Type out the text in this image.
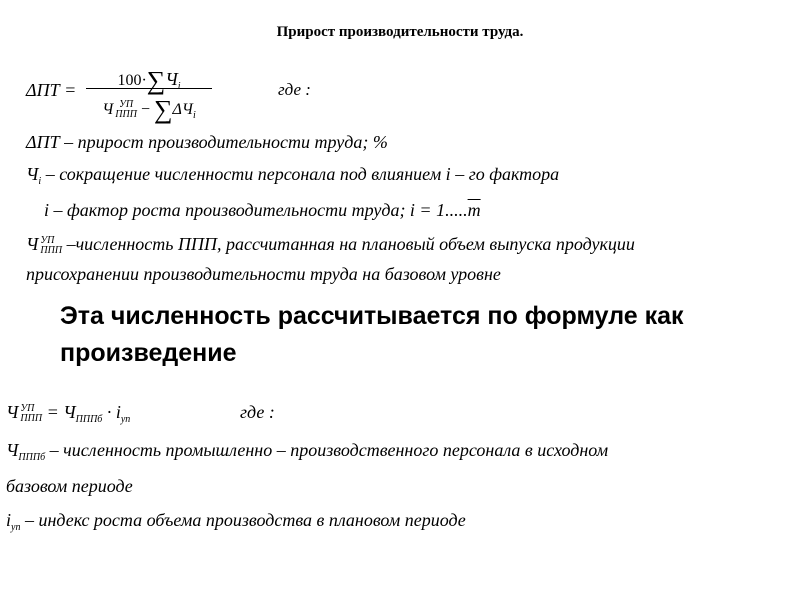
Прирост производительности труда.
ΔПТ =	$100\cdot\sum Ч_i$
Ч УП
ППП − $\sum\Delta Ч_i$
где :
ΔПТ – прирост производительности труда; %
$Ч_i$ – сокращение численности персонала под влиянием i – го фактора
i – фактор роста производительности труда; $i = 1.....\overline{m}$
Ч УП
ППП –численность ППП, рассчитанная на плановый объем выпуска продукции
присохранении производительности труда на базовом уровне
Эта численность рассчитывается по формуле как произведение
Ч УП
ППП = $Ч_{ПППб} \cdot i_{уп}$	где :
$Ч_{ПППб}$ – численность промышленно – производственного персонала в исходном
базовом периоде
$i_{уп}$ – индекс роста объема производства в плановом периоде
